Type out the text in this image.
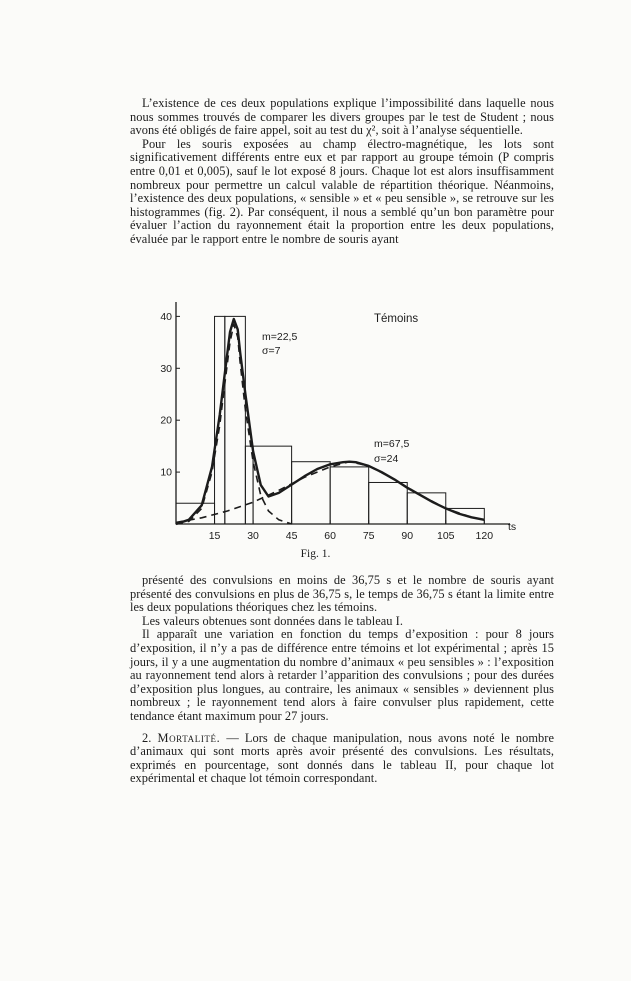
L’existence de ces deux populations explique l’impossibilité dans laquelle nous nous sommes trouvés de comparer les divers groupes par le test de Student ; nous avons été obligés de faire appel, soit au test du χ², soit à l’analyse séquentielle.

Pour les souris exposées au champ électro-magnétique, les lots sont significativement différents entre eux et par rapport au groupe témoin (P compris entre 0,01 et 0,005), sauf le lot exposé 8 jours. Chaque lot est alors insuffisamment nombreux pour permettre un calcul valable de répartition théorique. Néanmoins, l’existence des deux populations, « sensible » et « peu sensible », se retrouve sur les histogrammes (fig. 2). Par conséquent, il nous a semblé qu’un bon paramètre pour évaluer l’action du rayonnement était la proportion entre les deux populations, évaluée par le rapport entre le nombre de souris ayant

10
20
30
40
15	30	45	60	75	90 105 120
Témoins
m=22,5
σ=7
m=67,5
σ=24
ts
Fig. 1.

présenté des convulsions en moins de 36,75 s et le nombre de souris ayant présenté des convulsions en plus de 36,75 s, le temps de 36,75 s étant la limite entre les deux populations théoriques chez les témoins.

Les valeurs obtenues sont données dans le tableau I.

Il apparaît une variation en fonction du temps d’exposition : pour 8 jours d’exposition, il n’y a pas de différence entre témoins et lot expérimental ; après 15 jours, il y a une augmentation du nombre d’animaux « peu sensibles » : l’exposition au rayonnement tend alors à retarder l’apparition des convulsions ; pour des durées d’exposition plus longues, au contraire, les animaux « sensibles » deviennent plus nombreux ; le rayonnement tend alors à faire convulser plus rapidement, cette tendance étant maximum pour 27 jours.

2. Mortalité. — Lors de chaque manipulation, nous avons noté le nombre d’animaux qui sont morts après avoir présenté des convulsions. Les résultats, exprimés en pourcentage, sont donnés dans le tableau II, pour chaque lot expérimental et chaque lot témoin correspondant.
